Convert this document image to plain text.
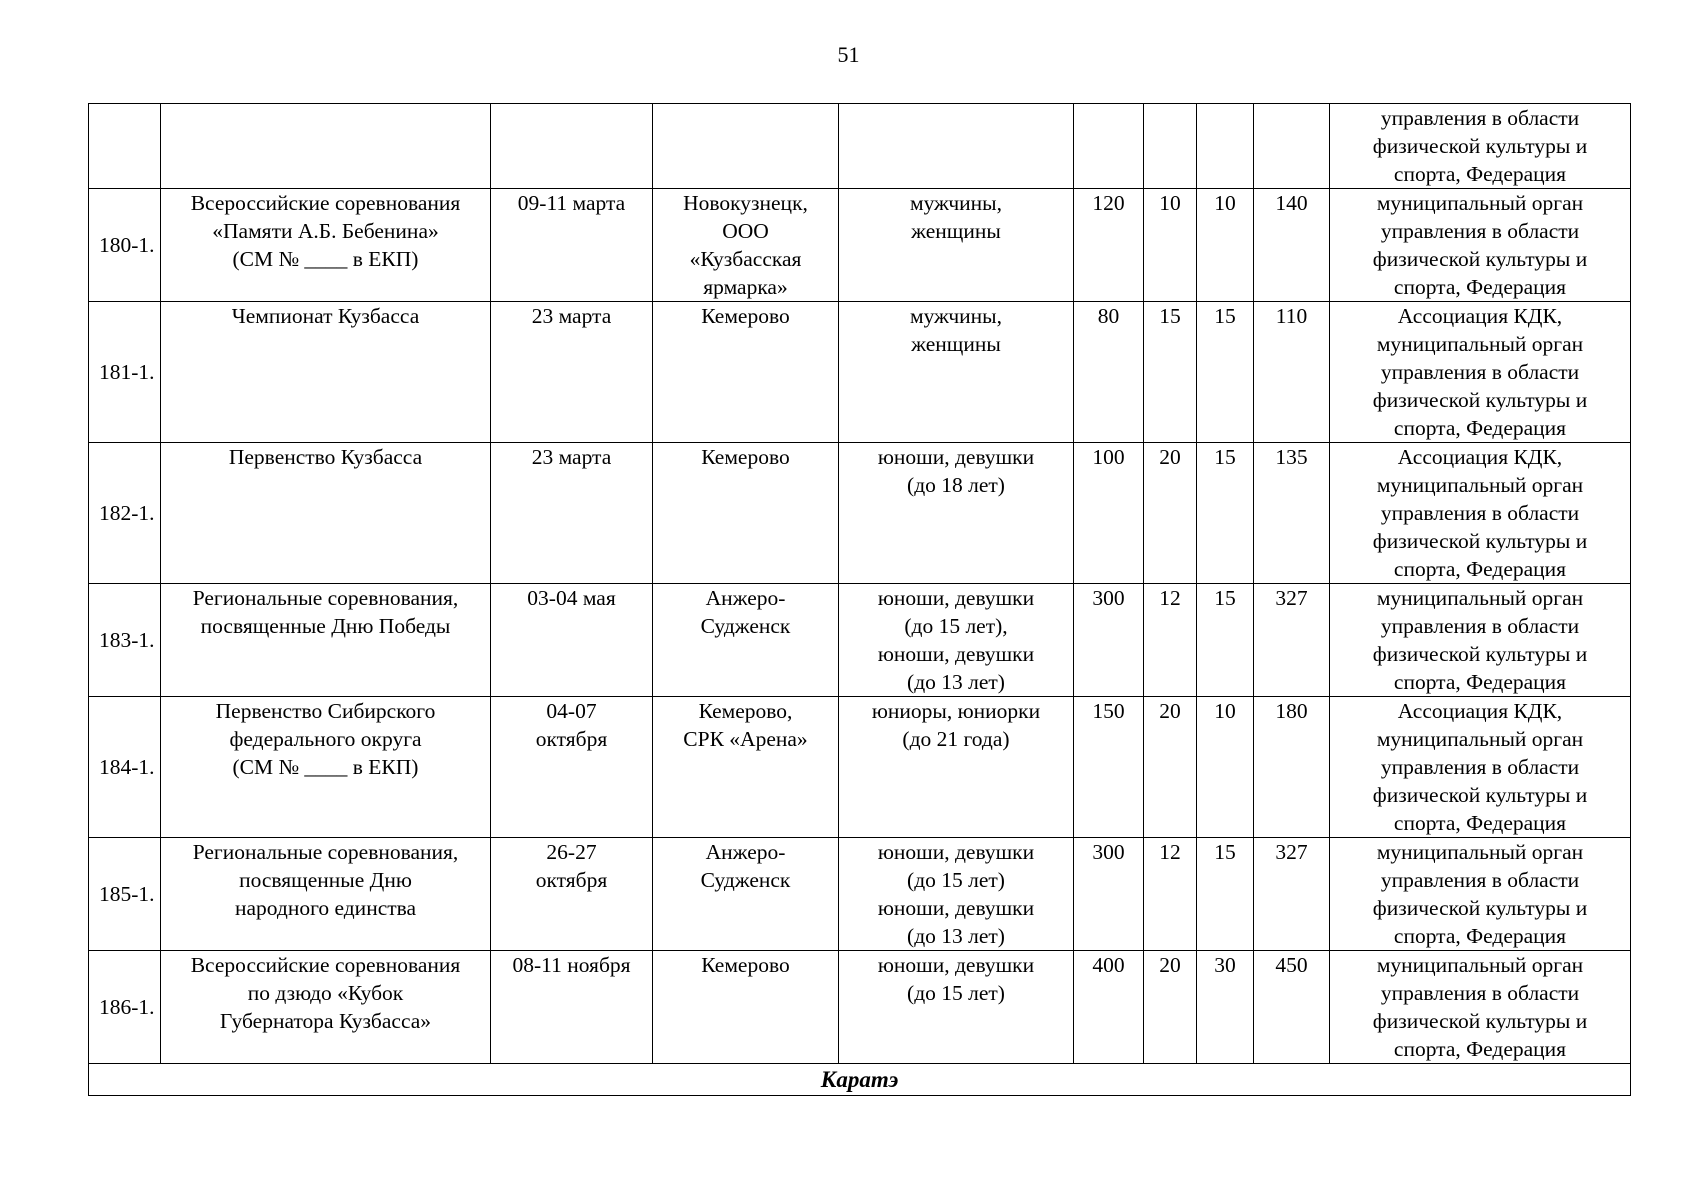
51
									управления в области
физической культуры и
спорта, Федерация
180-1.	Всероссийские соревнования
«Памяти А.Б. Бебенина»
(СМ № ____ в ЕКП)	09-11 марта	Новокузнецк,
ООО
«Кузбасская
ярмарка»	мужчины,
женщины	120	10	10	140	муниципальный орган
управления в области
физической культуры и
спорта, Федерация
181-1.	Чемпионат Кузбасса	23 марта	Кемерово	мужчины,
женщины	80	15	15	110	Ассоциация КДК,
муниципальный орган
управления в области
физической культуры и
спорта, Федерация
182-1.	Первенство Кузбасса	23 марта	Кемерово	юноши, девушки
(до 18 лет)	100	20	15	135	Ассоциация КДК,
муниципальный орган
управления в области
физической культуры и
спорта, Федерация
183-1.	Региональные соревнования,
посвященные Дню Победы	03-04 мая	Анжеро-
Судженск	юноши, девушки
(до 15 лет),
юноши, девушки
(до 13 лет)	300	12	15	327	муниципальный орган
управления в области
физической культуры и
спорта, Федерация
184-1.	Первенство Сибирского
федерального округа
(СМ № ____ в ЕКП)	04-07
октября	Кемерово,
СРК «Арена»	юниоры, юниорки
(до 21 года)	150	20	10	180	Ассоциация КДК,
муниципальный орган
управления в области
физической культуры и
спорта, Федерация
185-1.	Региональные соревнования,
посвященные Дню
народного единства	26-27
октября	Анжеро-
Судженск	юноши, девушки
(до 15 лет)
юноши, девушки
(до 13 лет)	300	12	15	327	муниципальный орган
управления в области
физической культуры и
спорта, Федерация
186-1.	Всероссийские соревнования
по дзюдо «Кубок
Губернатора Кузбасса»	08-11 ноября	Кемерово	юноши, девушки
(до 15 лет)	400	20	30	450	муниципальный орган
управления в области
физической культуры и
спорта, Федерация
Каратэ									
